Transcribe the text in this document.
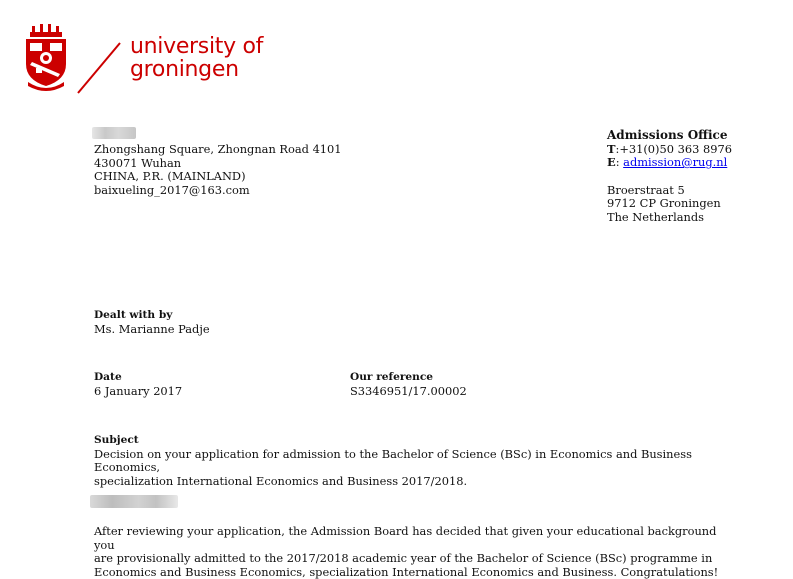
university of
groningen
Zhongshang Square, Zhongnan Road 4101
430071 Wuhan
CHINA, P.R. (MAINLAND)
baixueling_2017@163.com
Admissions Office
T:+31(0)50 363 8976
E: admission@rug.nl
Broerstraat 5
9712 CP Groningen
The Netherlands
Dealt with by
Ms. Marianne Padje
Date
6 January 2017
Our reference
S3346951/17.00002
Subject
Decision on your application for admission to the Bachelor of Science (BSc) in Economics and Business Economics,
specialization International Economics and Business 2017/2018.
After reviewing your application, the Admission Board has decided that given your educational background you
are provisionally admitted to the 2017/2018 academic year of the Bachelor of Science (BSc) programme in
Economics and Business Economics, specialization International Economics and Business. Congratulations!
